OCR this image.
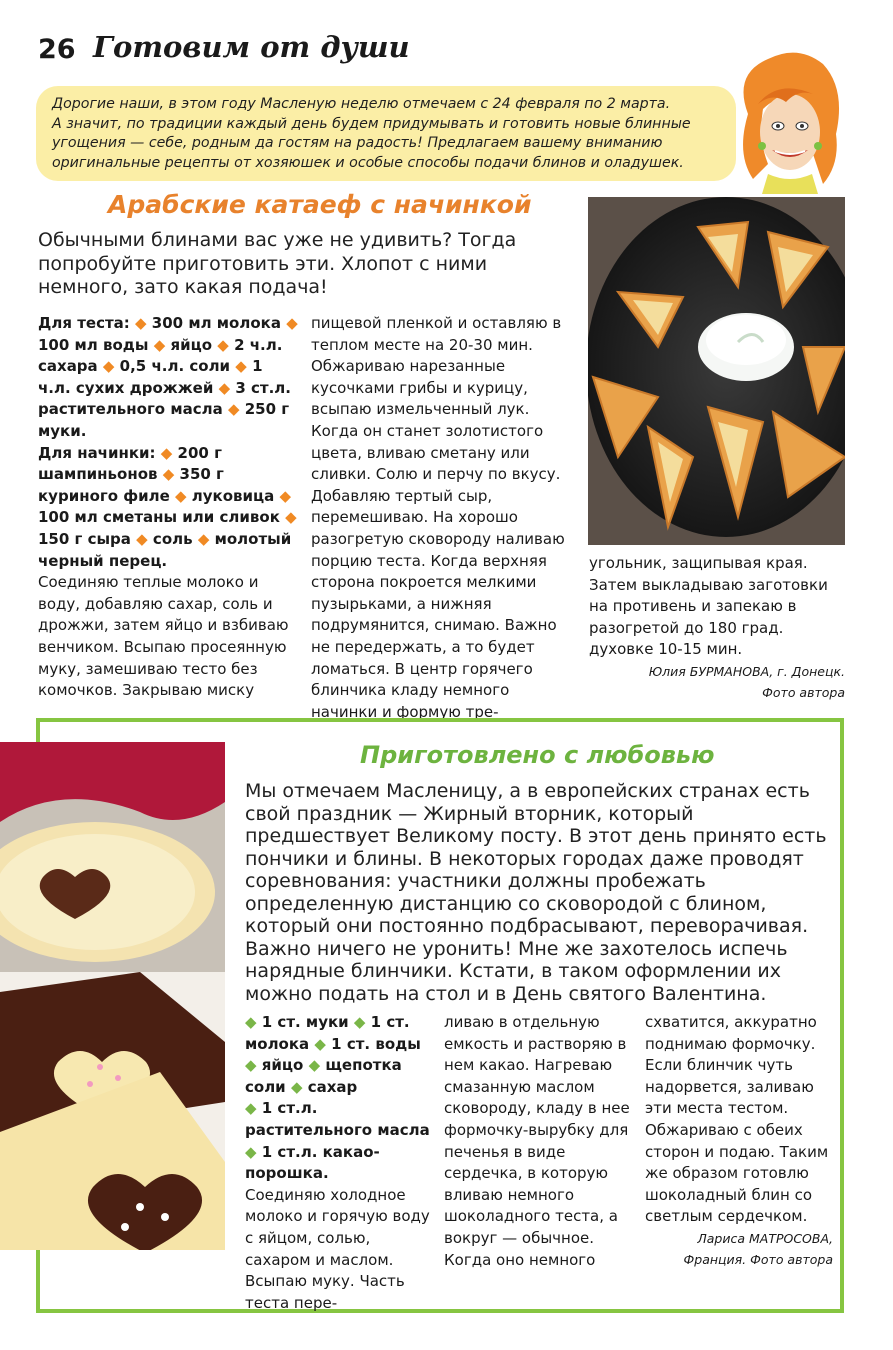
26 Готовим от души
Дорогие наши, в этом году Масленую неделю отмечаем с 24 февраля по 2 марта.
А значит, по традиции каждый день будем придумывать и готовить новые блинные
угощения — себе, родным да гостям на радость! Предлагаем вашему вниманию
оригинальные рецепты от хозяюшек и особые способы подачи блинов и оладушек.
Арабские катаеф с начинкой
Обычными блинами вас уже не удивить? Тогда попробуйте приготовить эти. Хлопот с ними немного, зато какая подача!
Для теста: ◆ 300 мл молока ◆ 100 мл воды ◆ яйцо ◆ 2 ч.л. сахара ◆ 0,5 ч.л. соли ◆ 1 ч.л. сухих дрожжей ◆ 3 ст.л. растительного масла ◆ 250 г муки.
Для начинки: ◆ 200 г шампиньонов ◆ 350 г куриного филе ◆ луковица ◆ 100 мл сметаны или сливок ◆ 150 г сыра ◆ соль ◆ молотый черный перец.
Соединяю теплые молоко и воду, добавляю сахар, соль и дрожжи, затем яйцо и взбиваю венчиком. Всыпаю просеянную муку, замешиваю тесто без комочков. Закрываю миску
пищевой пленкой и оставляю в теплом месте на 20-30 мин. Обжариваю нарезанные кусочками грибы и курицу, всыпаю измельченный лук. Когда он станет золотистого цвета, вливаю сметану или сливки. Солю и перчу по вкусу. Добавляю тертый сыр, перемешиваю. На хорошо разогретую сковороду наливаю порцию теста. Когда верхняя сторона покроется мелкими пузырьками, а нижняя подрумянится, снимаю. Важно не передержать, а то будет ломаться. В центр горячего блинчика кладу немного начинки и формую тре-
угольник, защипывая края. Затем выкладываю заготовки на противень и запекаю в разогретой до 180 град. духовке 10-15 мин.
Юлия БУРМАНОВА, г. Донецк.
Фото автора
Приготовлено с любовью
Мы отмечаем Масленицу, а в европейских странах есть свой праздник — Жирный вторник, который предшествует Великому посту. В этот день принято есть пончики и блины. В некоторых городах даже проводят соревнования: участники должны пробежать определенную дистанцию со сковородой с блином, который они постоянно подбрасывают, переворачивая. Важно ничего не уронить! Мне же захотелось испечь нарядные блинчики. Кстати, в таком оформлении их можно подать на стол и в День святого Валентина.
◆ 1 ст. муки ◆ 1 ст. молока ◆ 1 ст. воды ◆ яйцо ◆ щепотка соли ◆ сахар
◆ 1 ст.л. растительного масла ◆ 1 ст.л. какао-порошка.
Соединяю холодное молоко и горячую воду с яйцом, солью, сахаром и маслом. Всыпаю муку. Часть теста пере-
ливаю в отдельную емкость и растворяю в нем какао. Нагреваю смазанную маслом сковороду, кладу в нее формочку-вырубку для печенья в виде сердечка, в которую вливаю немного шоколадного теста, а вокруг — обычное. Когда оно немного
схватится, аккуратно поднимаю формочку. Если блинчик чуть надорвется, заливаю эти места тестом. Обжариваю с обеих сторон и подаю. Таким же образом готовлю шоколадный блин со светлым сердечком.
Лариса МАТРОСОВА,
Франция. Фото автора
